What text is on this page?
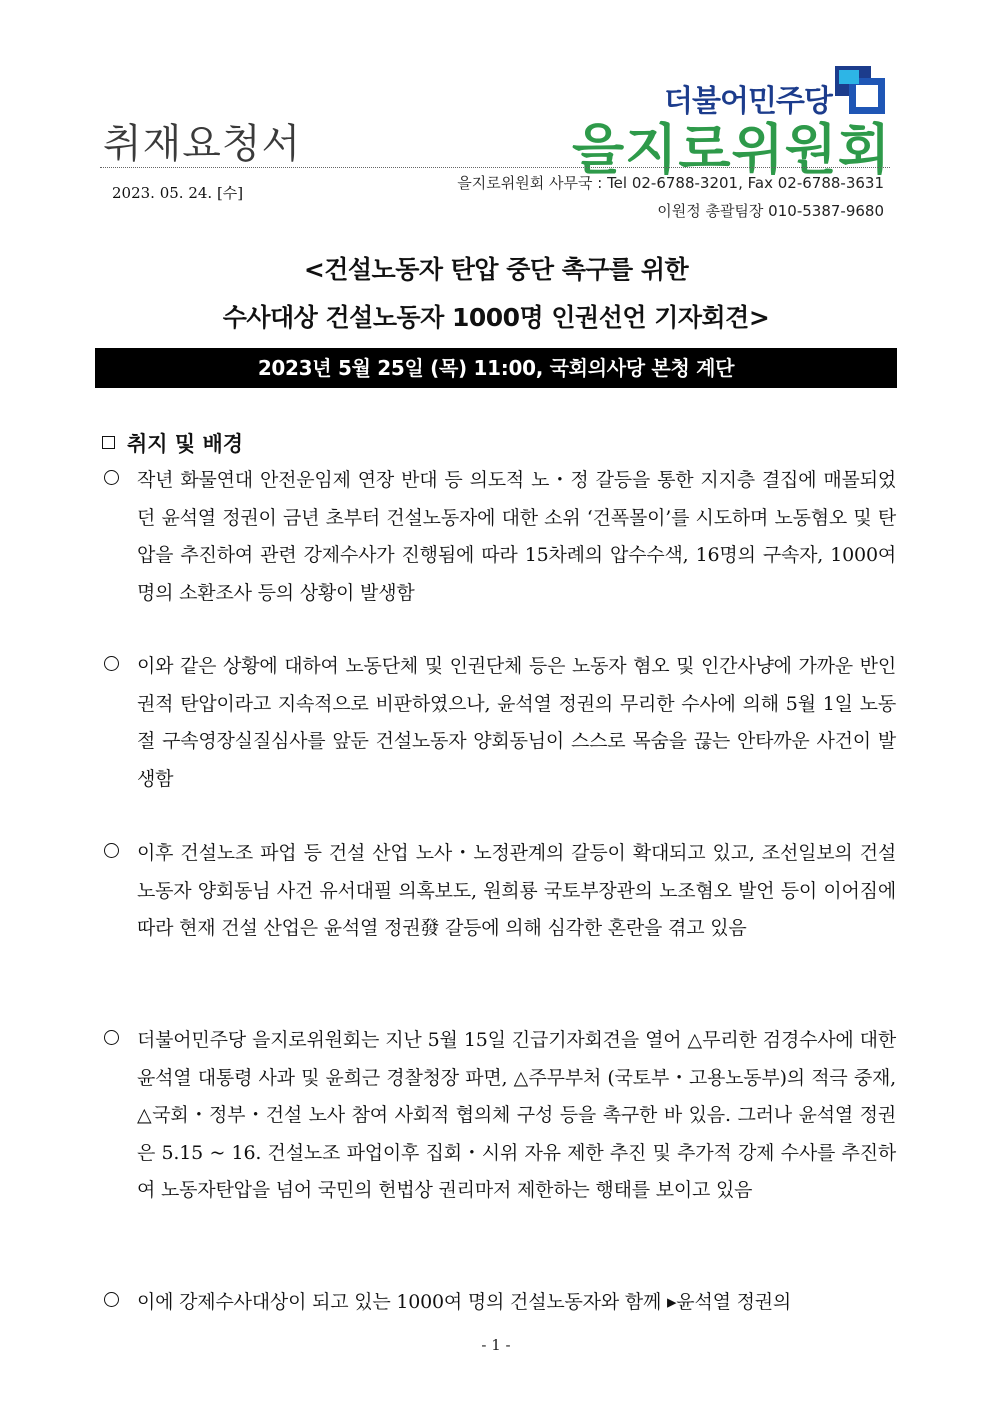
취재요청서
더불어민주당
을지로위원회
2023. 05. 24. [수]
을지로위원회 사무국 : Tel 02-6788-3201, Fax 02-6788-3631
이원정 총괄팀장 010-5387-9680
<건설노동자 탄압 중단 촉구를 위한
수사대상 건설노동자 1000명 인권선언 기자회견>
2023년 5월 25일 (목) 11:00, 국회의사당 본청 계단
취지 및 배경
작년 화물연대 안전운임제 연장 반대 등 의도적 노・정 갈등을 통한 지지층 결집에 매몰되었던 윤석열 정권이 금년 초부터 건설노동자에 대한 소위 ‘건폭몰이’를 시도하며 노동혐오 및 탄압을 추진하여 관련 강제수사가 진행됨에 따라 15차례의 압수수색, 16명의 구속자, 1000여 명의 소환조사 등의 상황이 발생함
이와 같은 상황에 대하여 노동단체 및 인권단체 등은 노동자 혐오 및 인간사냥에 가까운 반인권적 탄압이라고 지속적으로 비판하였으나, 윤석열 정권의 무리한 수사에 의해 5월 1일 노동절 구속영장실질심사를 앞둔 건설노동자 양회동님이 스스로 목숨을 끊는 안타까운 사건이 발생함
이후 건설노조 파업 등 건설 산업 노사・노정관계의 갈등이 확대되고 있고, 조선일보의 건설노동자 양회동님 사건 유서대필 의혹보도, 원희룡 국토부장관의 노조혐오 발언 등이 이어짐에 따라 현재 건설 산업은 윤석열 정권發 갈등에 의해 심각한 혼란을 겪고 있음
더불어민주당 을지로위원회는 지난 5월 15일 긴급기자회견을 열어 △무리한 검경수사에 대한 윤석열 대통령 사과 및 윤희근 경찰청장 파면, △주무부처 (국토부・고용노동부)의 적극 중재, △국회・정부・건설 노사 참여 사회적 협의체 구성 등을 촉구한 바 있음. 그러나 윤석열 정권은 5.15 ~ 16. 건설노조 파업이후 집회・시위 자유 제한 추진 및 추가적 강제 수사를 추진하여 노동자탄압을 넘어 국민의 헌법상 권리마저 제한하는 행태를 보이고 있음
이에 강제수사대상이 되고 있는 1000여 명의 건설노동자와 함께 ▸윤석열 정권의
- 1 -
